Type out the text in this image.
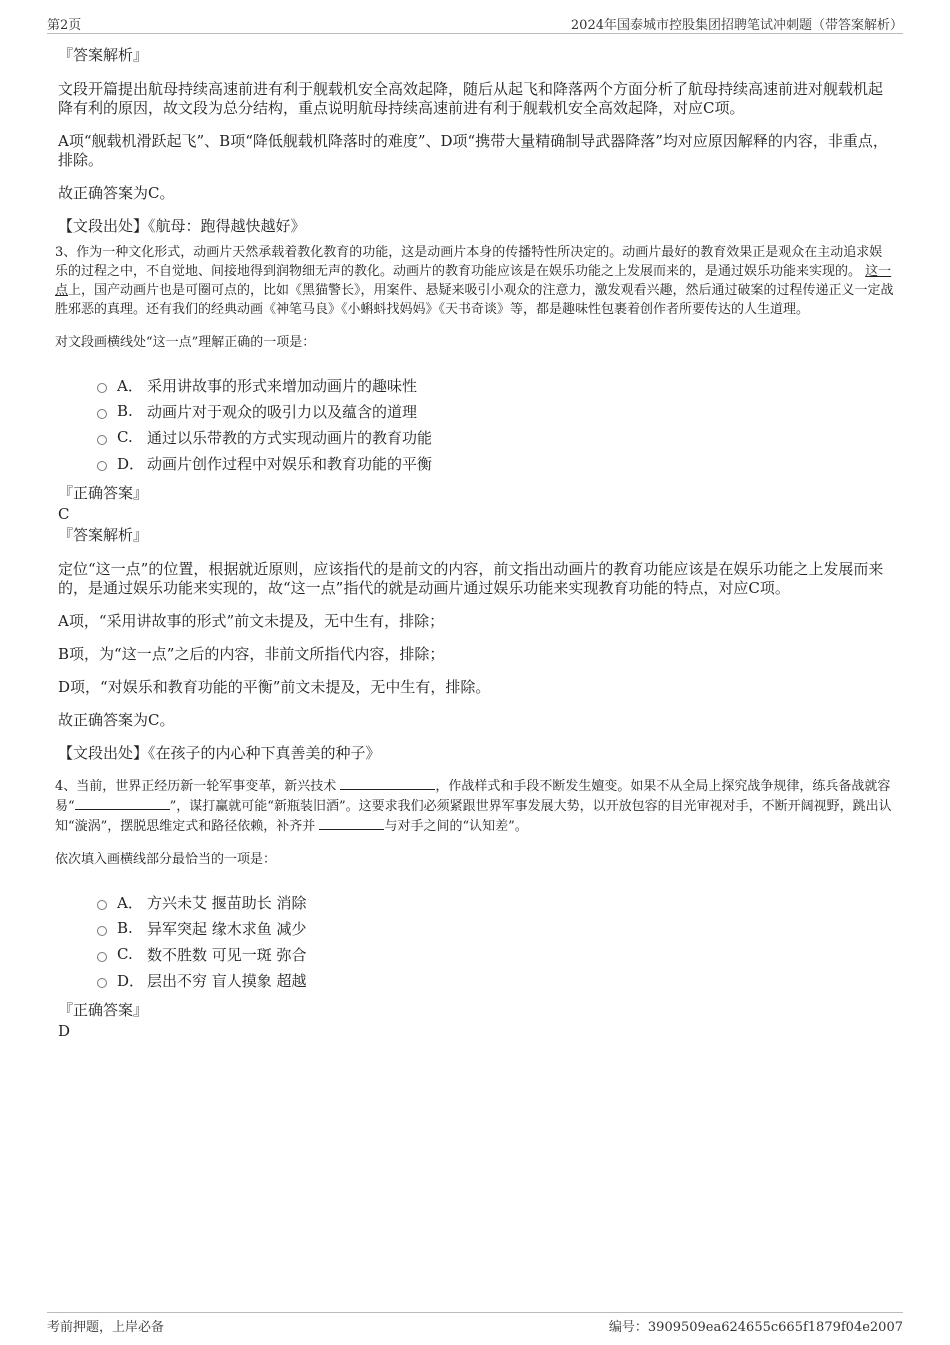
第2页	2024年国泰城市控股集团招聘笔试冲刺题（带答案解析）
『答案解析』
文段开篇提出航母持续高速前进有利于舰载机安全高效起降，随后从起飞和降落两个方面分析了航母持续高速前进对舰载机起降有利的原因，故文段为总分结构，重点说明航母持续高速前进有利于舰载机安全高效起降，对应C项。
A项“舰载机滑跃起飞”、B项“降低舰载机降落时的难度”、D项“携带大量精确制导武器降落”均对应原因解释的内容，非重点，排除。
故正确答案为C。
【文段出处】《航母：跑得越快越好》
3、作为一种文化形式，动画片天然承载着教化教育的功能，这是动画片本身的传播特性所决定的。动画片最好的教育效果正是观众在主动追求娱乐的过程之中，不自觉地、间接地得到润物细无声的教化。动画片的教育功能应该是在娱乐功能之上发展而来的，是通过娱乐功能来实现的。 这一点上，国产动画片也是可圈可点的，比如《黑猫警长》，用案件、悬疑来吸引小观众的注意力，激发观看兴趣，然后通过破案的过程传递正义一定战胜邪恶的真理。还有我们的经典动画《神笔马良》《小蝌蚪找妈妈》《天书奇谈》等，都是趣味性包裹着创作者所要传达的人生道理。
对文段画横线处“这一点”理解正确的一项是：
A． 采用讲故事的形式来增加动画片的趣味性
B. 动画片对于观众的吸引力以及蕴含的道理
C. 通过以乐带教的方式实现动画片的教育功能
D． 动画片创作过程中对娱乐和教育功能的平衡
『正确答案』
C
『答案解析』
定位“这一点”的位置，根据就近原则，应该指代的是前文的内容，前文指出动画片的教育功能应该是在娱乐功能之上发展而来的，是通过娱乐功能来实现的，故“这一点”指代的就是动画片通过娱乐功能来实现教育功能的特点，对应C项。
A项，“采用讲故事的形式”前文未提及，无中生有，排除；
B项，为“这一点”之后的内容，非前文所指代内容，排除；
D项，“对娱乐和教育功能的平衡”前文未提及，无中生有，排除。
故正确答案为C。
【文段出处】《在孩子的内心种下真善美的种子》
4、当前，世界正经历新一轮军事变革，新兴技术	，作战样式和手段不断发生嬗变。如果不从全局上探究战争规律，练兵备战就容易“	”，谋打赢就可能“新瓶装旧酒”。这要求我们必须紧跟世界军事发展大势，以开放包容的目光审视对手，不断开阔视野，跳出认知“漩涡”，摆脱思维定式和路径依赖，补齐并	与对手之间的“认知差”。
依次填入画横线部分最恰当的一项是：
A． 方兴未艾 揠苗助长 消除
B. 异军突起 缘木求鱼 减少
C. 数不胜数 可见一斑 弥合
D． 层出不穷 盲人摸象 超越
『正确答案』
D
考前押题，上岸必备	编号：3909509ea624655c665f1879f04e2007
